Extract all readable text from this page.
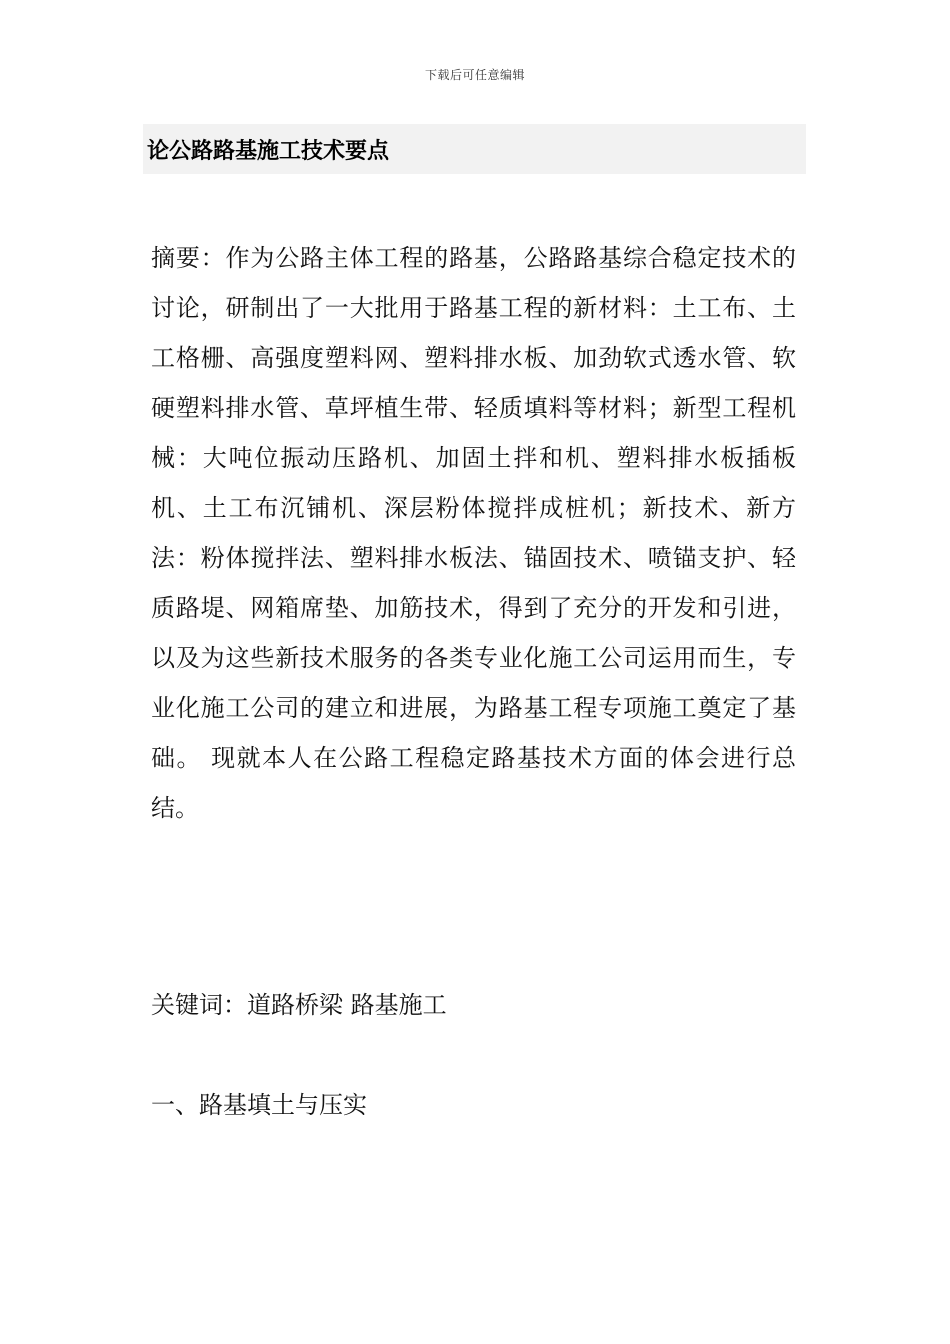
下载后可任意编辑
论公路路基施工技术要点

摘要：作为公路主体工程的路基，公路路基综合稳定技术的讨论，研制出了一大批用于路基工程的新材料：土工布、土工格栅、高强度塑料网、塑料排水板、加劲软式透水管、软硬塑料排水管、草坪植生带、轻质填料等材料；新型工程机械：大吨位振动压路机、加固土拌和机、塑料排水板插板机、土工布沉铺机、深层粉体搅拌成桩机；新技术、新方法：粉体搅拌法、塑料排水板法、锚固技术、喷锚支护、轻质路堤、网箱席垫、加筋技术，得到了充分的开发和引进，以及为这些新技术服务的各类专业化施工公司运用而生，专业化施工公司的建立和进展，为路基工程专项施工奠定了基础。 现就本人在公路工程稳定路基技术方面的体会进行总结。

关键词：道路桥梁 路基施工

一、路基填土与压实
